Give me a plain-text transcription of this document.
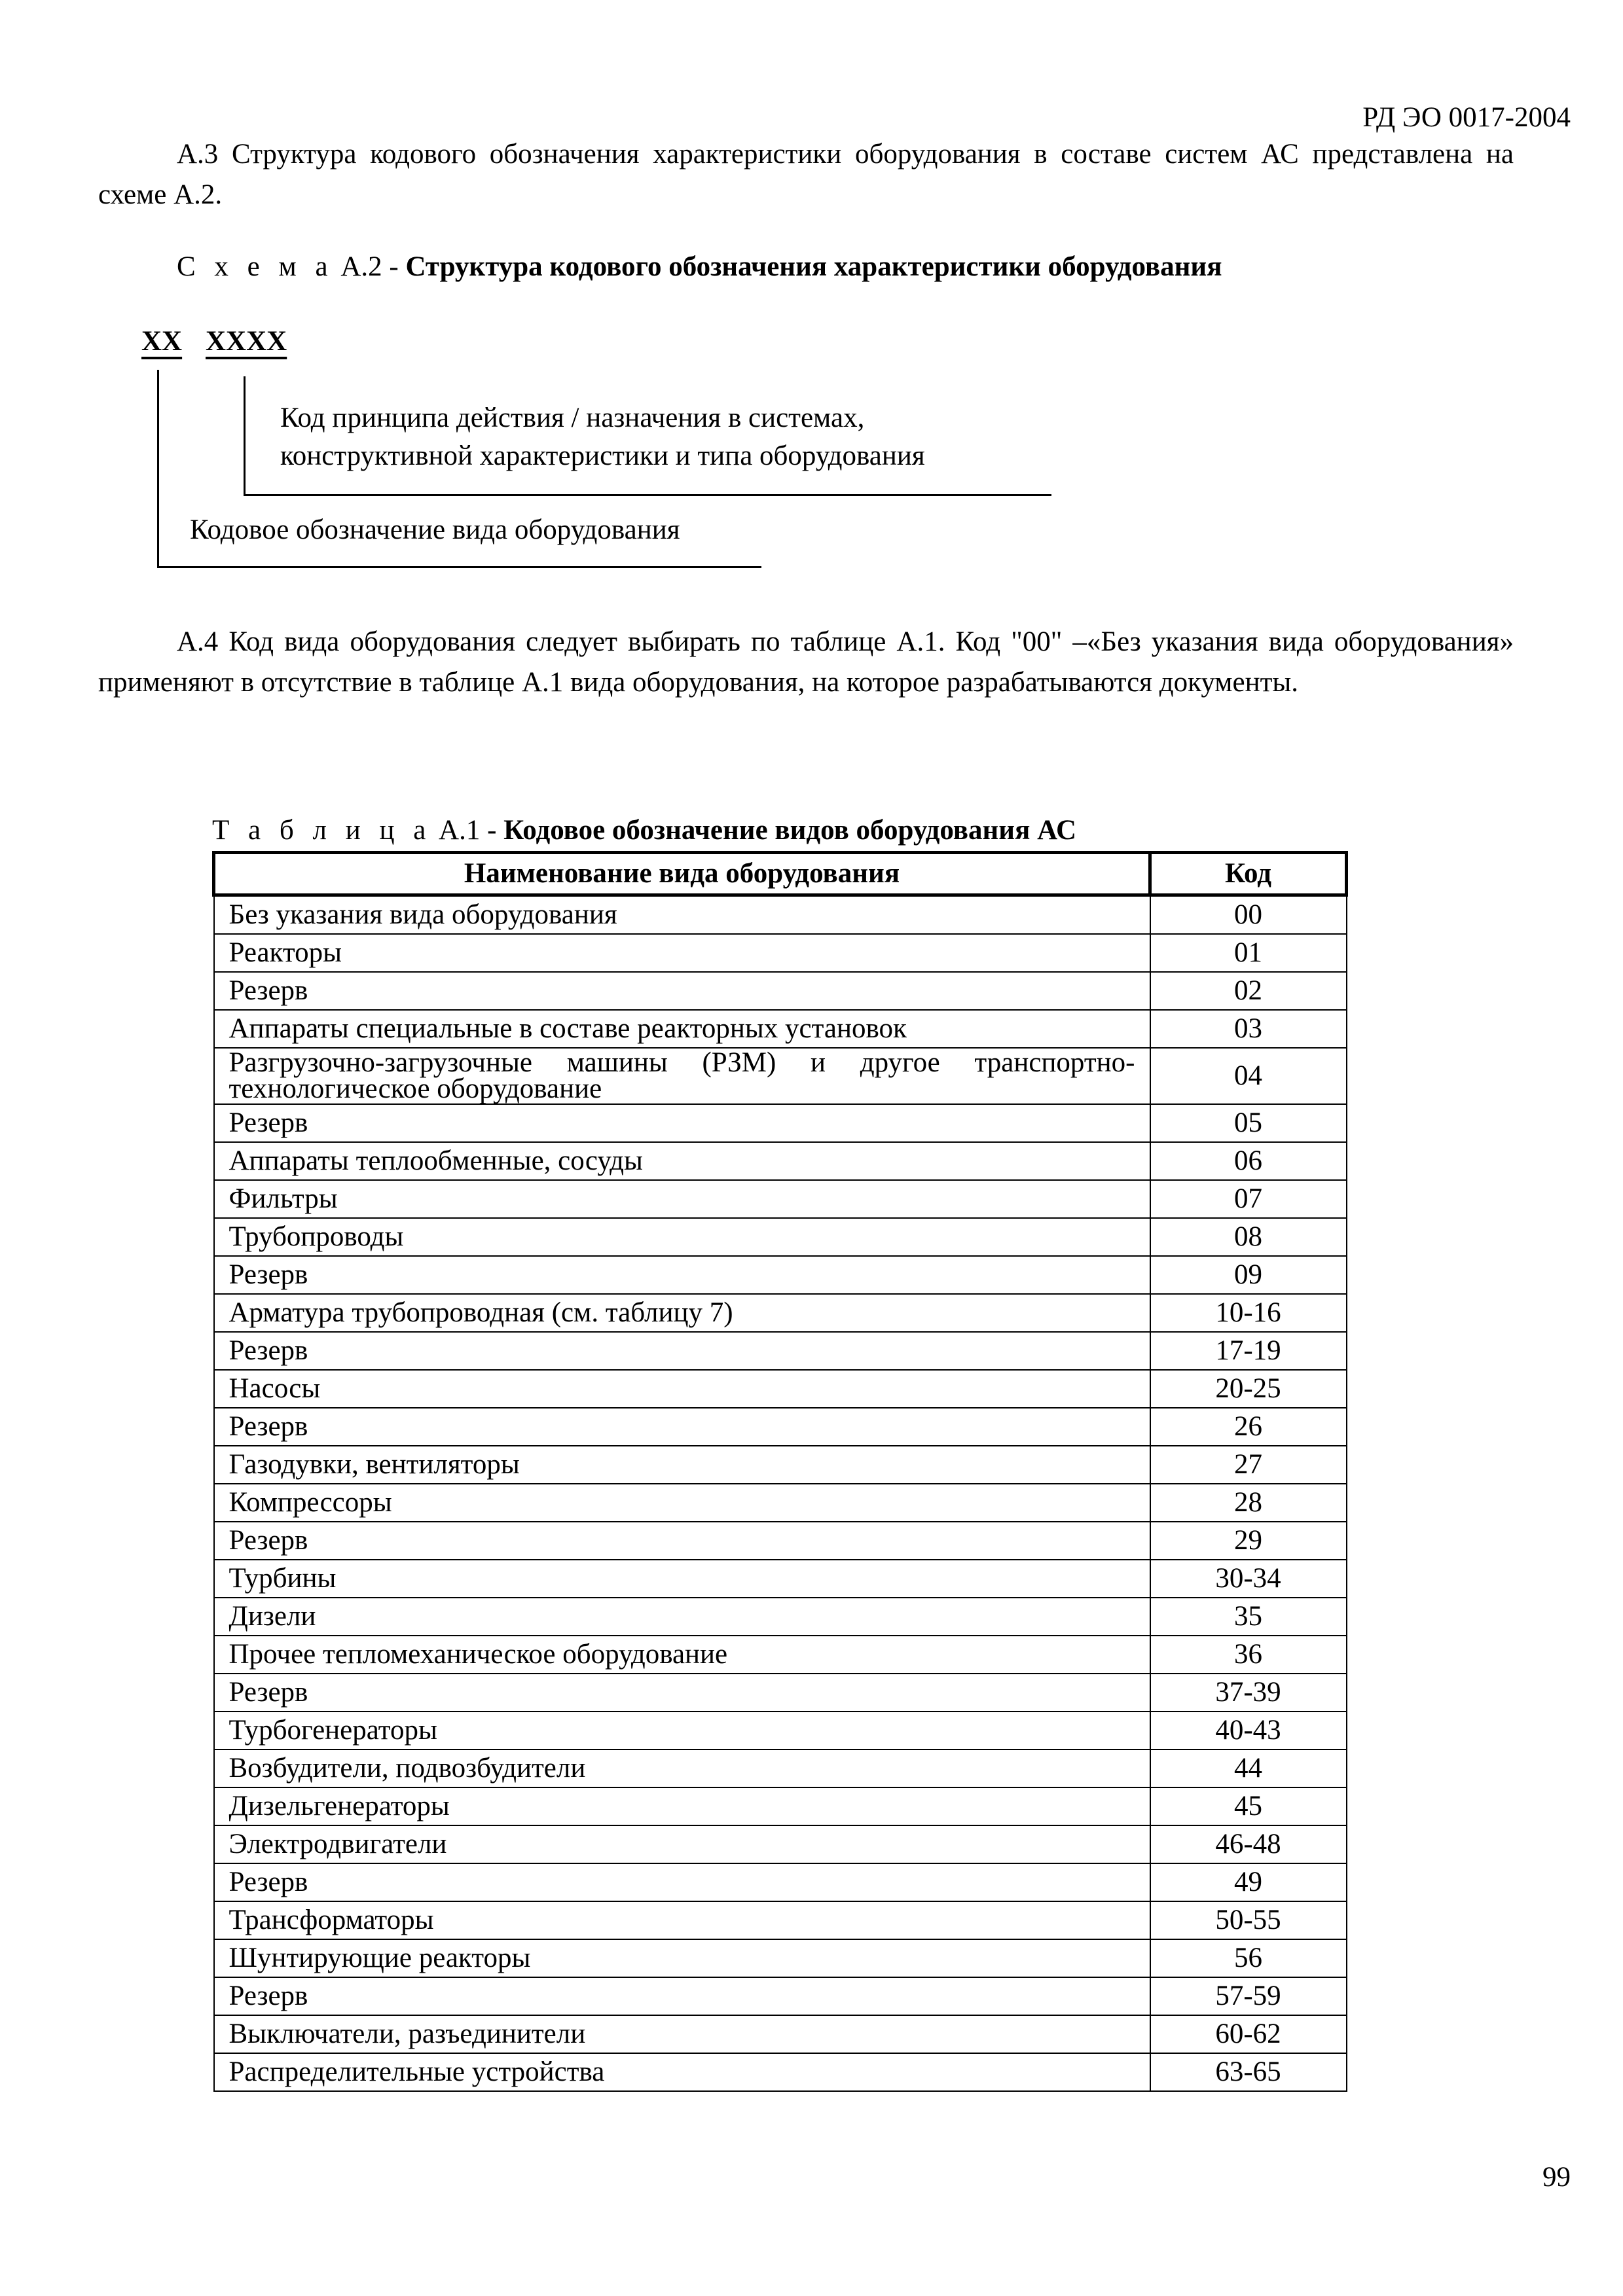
РД ЭО 0017-2004
А.3 Структура кодового обозначения характеристики оборудования в составе систем АС представлена на схеме А.2.
С х е м а А.2 - Структура кодового обозначения характеристики оборудования
ХХ ХХХХ
Код принципа действия / назначения в системах,
конструктивной характеристики и типа оборудования
Кодовое обозначение вида оборудования
А.4 Код вида оборудования следует выбирать по таблице А.1. Код "00" –«Без указания вида оборудования» применяют в отсутствие в таблице А.1 вида оборудования, на которое разрабатываются документы.
Т а б л и ц а А.1 - Кодовое обозначение видов оборудования АС
Наименование вида оборудования	Код
Без указания вида оборудования	00
Реакторы	01
Резерв	02
Аппараты специальные в составе реакторных установок	03
Разгрузочно-загрузочные машины (РЗМ) и другое транспортно-технологическое оборудование	04
Резерв	05
Аппараты теплообменные, сосуды	06
Фильтры	07
Трубопроводы	08
Резерв	09
Арматура трубопроводная (см. таблицу 7)	10-16
Резерв	17-19
Насосы	20-25
Резерв	26
Газодувки, вентиляторы	27
Компрессоры	28
Резерв	29
Турбины	30-34
Дизели	35
Прочее тепломеханическое оборудование	36
Резерв	37-39
Турбогенераторы	40-43
Возбудители, подвозбудители	44
Дизельгенераторы	45
Электродвигатели	46-48
Резерв	49
Трансформаторы	50-55
Шунтирующие реакторы	56
Резерв	57-59
Выключатели, разъединители	60-62
Распределительные устройства	63-65
99
